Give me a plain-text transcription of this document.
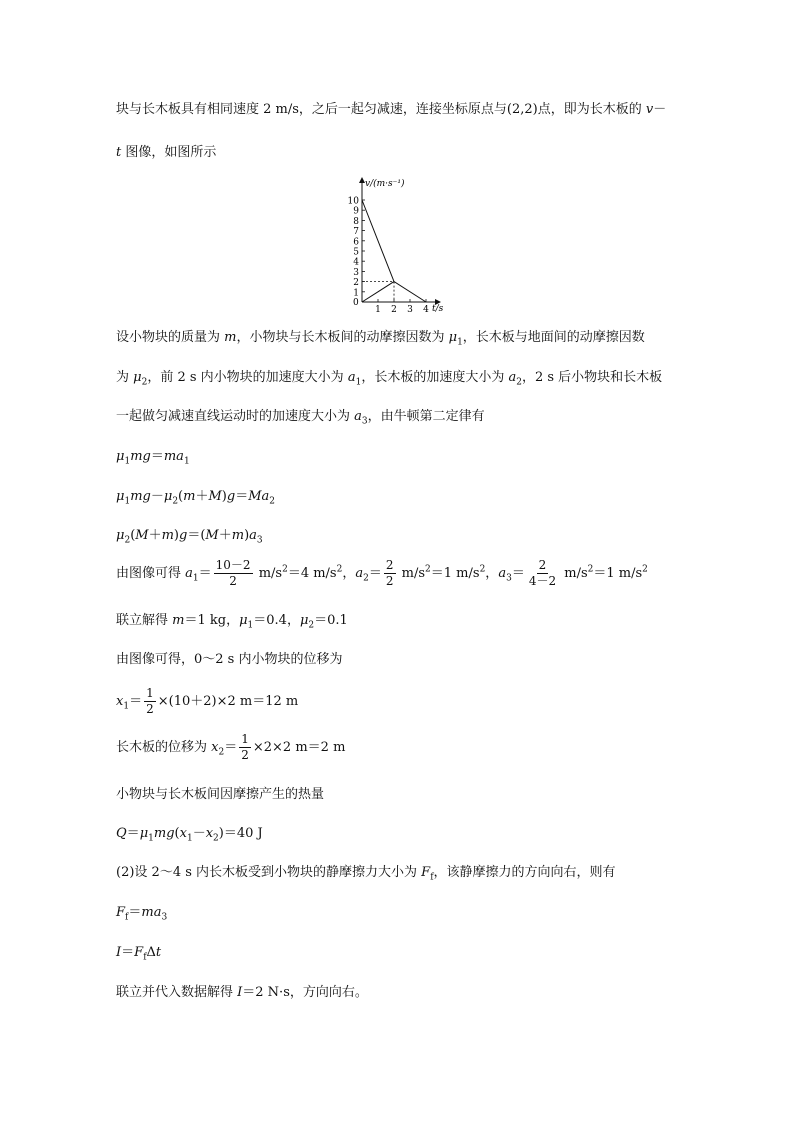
块与长木板具有相同速度 2 m/s，之后一起匀减速，连接坐标原点与(2,2)点，即为长木板的 v－
t 图像，如图所示
1
2
3
4
5
6
7
8
9
10
1 2 3 4
v/(m·s⁻¹)
t/s
0
设小物块的质量为 m，小物块与长木板间的动摩擦因数为 $\mu_1$，长木板与地面间的动摩擦因数
为 $\mu_2$，前 2 s 内小物块的加速度大小为 $a_1$，长木板的加速度大小为 $a_2$，2 s 后小物块和长木板
一起做匀减速直线运动时的加速度大小为 $a_3$，由牛顿第二定律有
$\mu_1mg=ma_1$
$\mu_1mg-\mu_2(m+M)g=Ma_2$
$\mu_2(M+m)g=(M+m)a_3$
由图像可得 $a_1= \frac{10-2}{2} m/s^2=4$ $m/s^2$，$a_2= \frac{2}{2} m/s^2=1$ $m/s^2$，$a_3= \frac{2}{4-2} m/s^2=1$ $m/s^2$
联立解得 m＝1 kg，$\mu_1=0.4$，$\mu_2=0.1$
由图像可得，0～2 s 内小物块的位移为
$x_1= \frac{1}{2} \times(10+2)\times 2$ m＝12 m
长木板的位移为 $x_2= \frac{1}{2} \times 2\times 2$ m＝2 m
小物块与长木板间因摩擦产生的热量
$Q=\mu_1mg(x_1-x_2)=40$ J
(2)设 2～4 s 内长木板受到小物块的静摩擦力大小为 $F_f$，该静摩擦力的方向向右，则有
$F_f=ma_3$
$I=F_f\Delta t$
联立并代入数据解得 I＝2 N·s，方向向右。
